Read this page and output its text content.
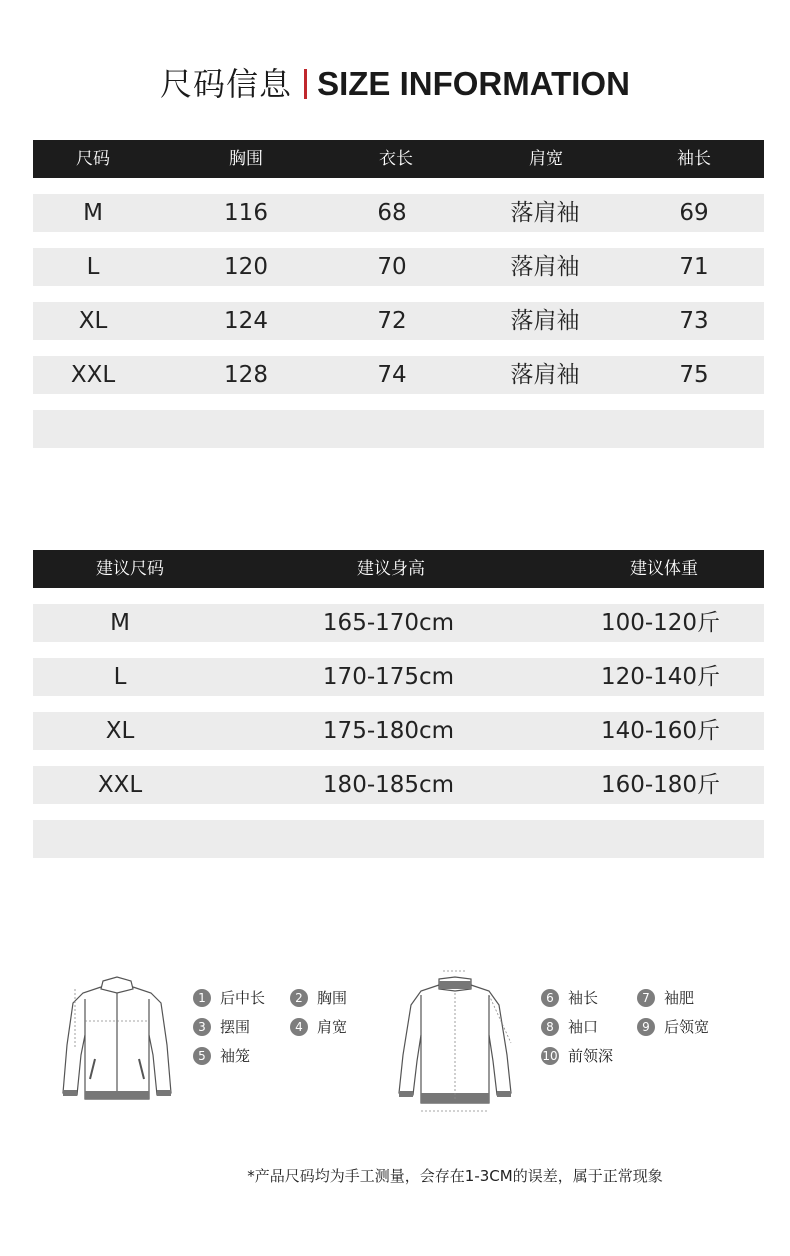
尺码信息 SIZE INFORMATION
尺码	胸围	衣长	肩宽	袖长
M	116	68	落肩袖	69
L	120	70	落肩袖	71
XL	124	72	落肩袖	73
XXL	128	74	落肩袖	75
建议尺码	建议身高	建议体重
M	165-170cm	100-120斤
L	170-175cm	120-140斤
XL	175-180cm	140-160斤
XXL	180-185cm	160-180斤
1 后中长	2 胸围
3 摆围	4 肩宽
5 袖笼
6 袖长	7 袖肥
8 袖口	9 后领宽
10 前领深
*产品尺码均为手工测量，会存在1-3CM的误差，属于正常现象
